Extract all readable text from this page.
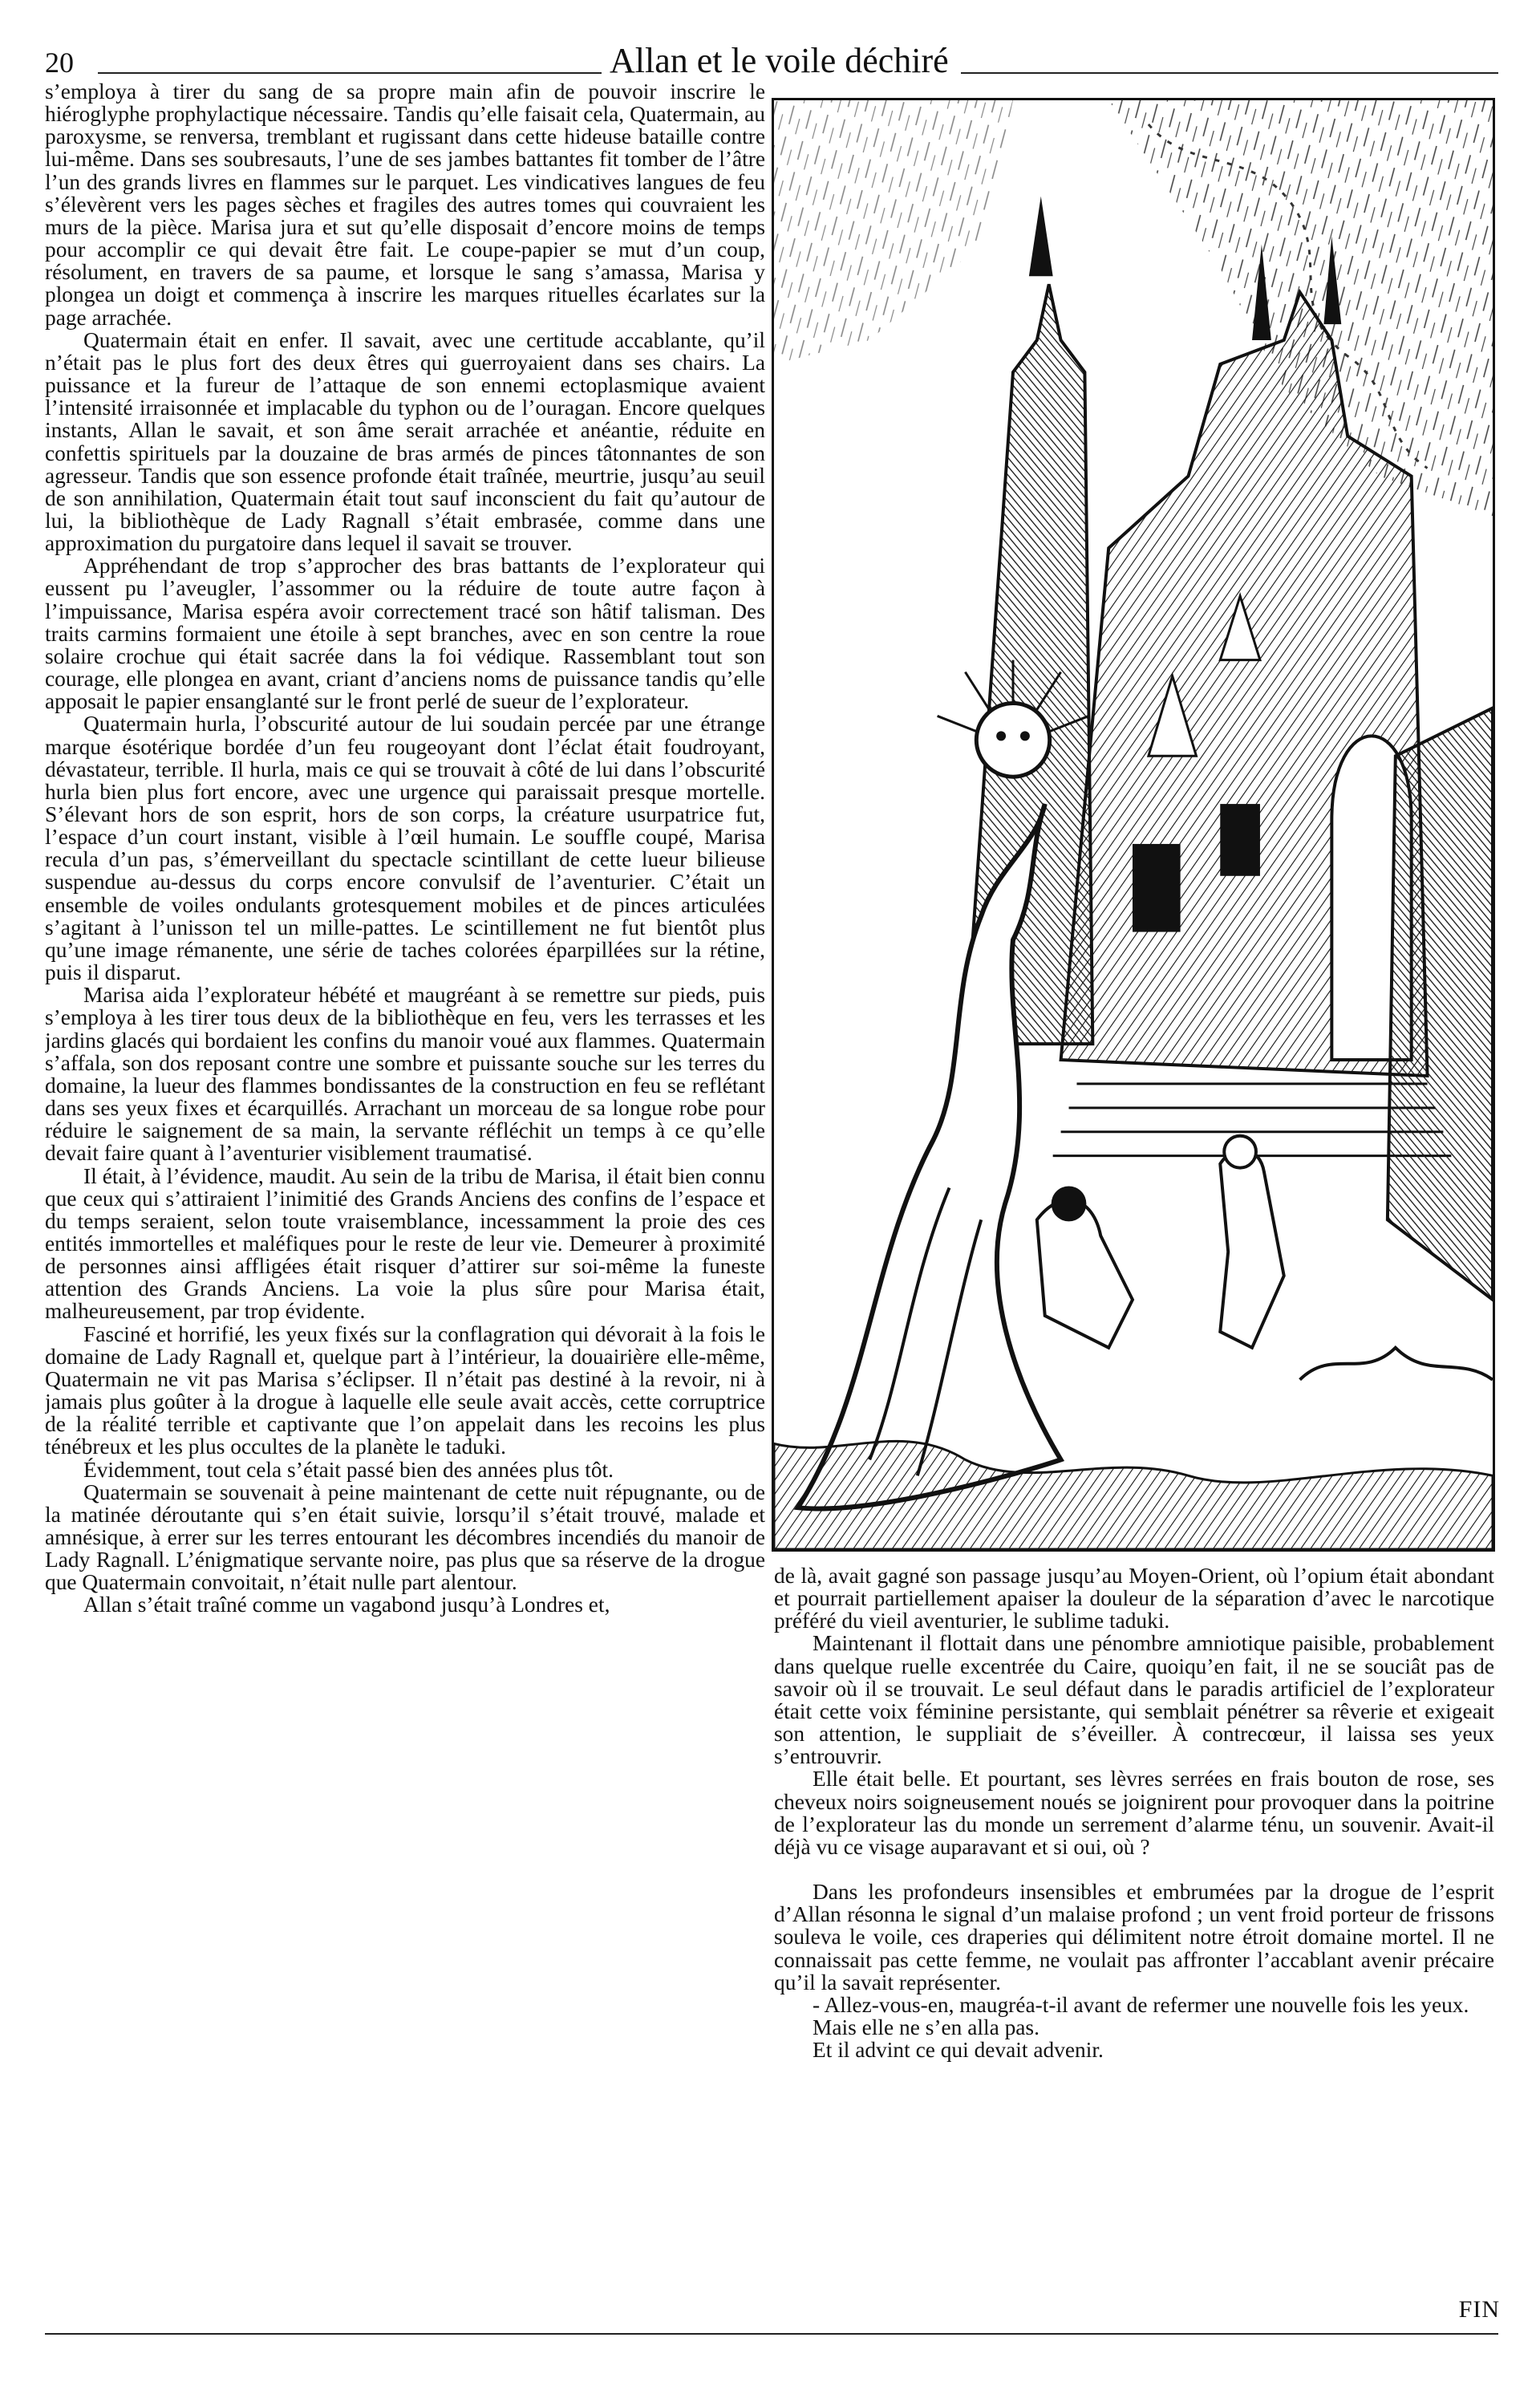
20	Allan et le voile déchiré

s’employa à tirer du sang de sa propre main afin de pouvoir inscrire le hiéroglyphe prophylactique nécessaire. Tandis qu’elle faisait cela, Quatermain, au paroxysme, se renversa, tremblant et rugissant dans cette hideuse bataille contre lui-même. Dans ses soubresauts, l’une de ses jambes battantes fit tomber de l’âtre l’un des grands livres en flammes sur le parquet. Les vindicatives langues de feu s’élevèrent vers les pages sèches et fragiles des autres tomes qui couvraient les murs de la pièce. Marisa jura et sut qu’elle disposait d’encore moins de temps pour accomplir ce qui devait être fait. Le coupe-papier se mut d’un coup, résolument, en travers de sa paume, et lorsque le sang s’amassa, Marisa y plongea un doigt et commença à inscrire les marques rituelles écarlates sur la page arrachée.

Quatermain était en enfer. Il savait, avec une certitude accablante, qu’il n’était pas le plus fort des deux êtres qui guerroyaient dans ses chairs. La puissance et la fureur de l’attaque de son ennemi ectoplasmique avaient l’intensité irraisonnée et implacable du typhon ou de l’ouragan. Encore quelques instants, Allan le savait, et son âme serait arrachée et anéantie, réduite en confettis spirituels par la douzaine de bras armés de pinces tâtonnantes de son agresseur. Tandis que son essence profonde était traînée, meurtrie, jusqu’au seuil de son annihilation, Quatermain était tout sauf inconscient du fait qu’autour de lui, la bibliothèque de Lady Ragnall s’était embrasée, comme dans une approximation du purgatoire dans lequel il savait se trouver.

Appréhendant de trop s’approcher des bras battants de l’explorateur qui eussent pu l’aveugler, l’assommer ou la réduire de toute autre façon à l’impuissance, Marisa espéra avoir correctement tracé son hâtif talisman. Des traits carmins formaient une étoile à sept branches, avec en son centre la roue solaire crochue qui était sacrée dans la foi védique. Rassemblant tout son courage, elle plongea en avant, criant d’anciens noms de puissance tandis qu’elle apposait le papier ensanglanté sur le front perlé de sueur de l’explorateur.

Quatermain hurla, l’obscurité autour de lui soudain percée par une étrange marque ésotérique bordée d’un feu rougeoyant dont l’éclat était foudroyant, dévastateur, terrible. Il hurla, mais ce qui se trouvait à côté de lui dans l’obscurité hurla bien plus fort encore, avec une urgence qui paraissait presque mortelle. S’élevant hors de son esprit, hors de son corps, la créature usurpatrice fut, l’espace d’un court instant, visible à l’œil humain. Le souffle coupé, Marisa recula d’un pas, s’émerveillant du spectacle scintillant de cette lueur bilieuse suspendue au-dessus du corps encore convulsif de l’aventurier. C’était un ensemble de voiles ondulants grotesquement mobiles et de pinces articulées s’agitant à l’unisson tel un mille-pattes. Le scintillement ne fut bientôt plus qu’une image rémanente, une série de taches colorées éparpillées sur la rétine, puis il disparut.

Marisa aida l’explorateur hébété et maugréant à se remettre sur pieds, puis s’employa à les tirer tous deux de la bibliothèque en feu, vers les terrasses et les jardins glacés qui bordaient les confins du manoir voué aux flammes. Quatermain s’affala, son dos reposant contre une sombre et puissante souche sur les terres du domaine, la lueur des flammes bondissantes de la construction en feu se reflétant dans ses yeux fixes et écarquillés. Arrachant un morceau de sa longue robe pour réduire le saignement de sa main, la servante réfléchit un temps à ce qu’elle devait faire quant à l’aventurier visiblement traumatisé.

Il était, à l’évidence, maudit. Au sein de la tribu de Marisa, il était bien connu que ceux qui s’attiraient l’inimitié des Grands Anciens des confins de l’espace et du temps seraient, selon toute vraisemblance, incessamment la proie des ces entités immortelles et maléfiques pour le reste de leur vie. Demeurer à proximité de personnes ainsi affligées était risquer d’attirer sur soi-même la funeste attention des Grands Anciens. La voie la plus sûre pour Marisa était, malheureusement, par trop évidente.

Fasciné et horrifié, les yeux fixés sur la conflagration qui dévorait à la fois le domaine de Lady Ragnall et, quelque part à l’intérieur, la douairière elle-même, Quatermain ne vit pas Marisa s’éclipser. Il n’était pas destiné à la revoir, ni à jamais plus goûter à la drogue à laquelle elle seule avait accès, cette corruptrice de la réalité terrible et captivante que l’on appelait dans les recoins les plus ténébreux et les plus occultes de la planète le taduki.

Évidemment, tout cela s’était passé bien des années plus tôt.

Quatermain se souvenait à peine maintenant de cette nuit répugnante, ou de la matinée déroutante qui s’en était suivie, lorsqu’il s’était trouvé, malade et amnésique, à errer sur les terres entourant les décombres incendiés du manoir de Lady Ragnall. L’énigmatique servante noire, pas plus que sa réserve de la drogue que Quatermain convoitait, n’était nulle part alentour.

Allan s’était traîné comme un vagabond jusqu’à Londres et,

de là, avait gagné son passage jusqu’au Moyen-Orient, où l’opium était abondant et pourrait partiellement apaiser la douleur de la séparation d’avec le narcotique préféré du vieil aventurier, le sublime taduki.

Maintenant il flottait dans une pénombre amniotique paisible, probablement dans quelque ruelle excentrée du Caire, quoiqu’en fait, il ne se souciât pas de savoir où il se trouvait. Le seul défaut dans le paradis artificiel de l’explorateur était cette voix féminine persistante, qui semblait pénétrer sa rêverie et exigeait son attention, le suppliait de s’éveiller. À contrecœur, il laissa ses yeux s’entrouvrir.

Elle était belle. Et pourtant, ses lèvres serrées en frais bouton de rose, ses cheveux noirs soigneusement noués se joignirent pour provoquer dans la poitrine de l’explorateur las du monde un serrement d’alarme ténu, un souvenir. Avait-il déjà vu ce visage auparavant et si oui, où ?

Dans les profondeurs insensibles et embrumées par la drogue de l’esprit d’Allan résonna le signal d’un malaise profond ; un vent froid porteur de frissons souleva le voile, ces draperies qui délimitent notre étroit domaine mortel. Il ne connaissait pas cette femme, ne voulait pas affronter l’accablant avenir précaire qu’il la savait représenter.

- Allez-vous-en, maugréa-t-il avant de refermer une nouvelle fois les yeux.

Mais elle ne s’en alla pas.

Et il advint ce qui devait advenir.

FIN
